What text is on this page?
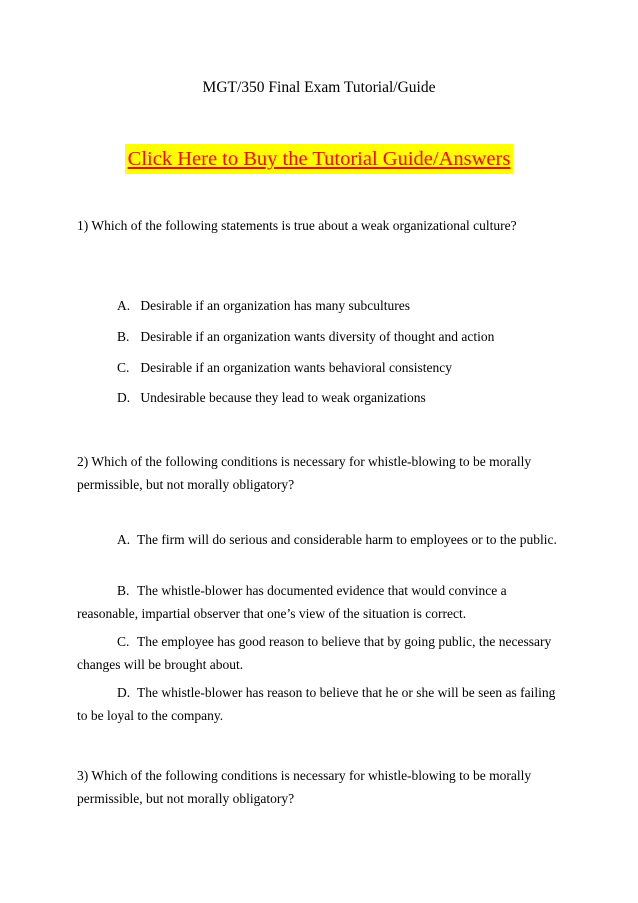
MGT/350 Final Exam Tutorial/Guide
Click Here to Buy the Tutorial Guide/Answers

1) Which of the following statements is true about a weak organizational culture?

A. Desirable if an organization has many subcultures
B. Desirable if an organization wants diversity of thought and action
C. Desirable if an organization wants behavioral consistency
D. Undesirable because they lead to weak organizations

2) Which of the following conditions is necessary for whistle-blowing to be morally permissible, but not morally obligatory?

A. The firm will do serious and considerable harm to employees or to the public.

B. The whistle-blower has documented evidence that would convince a reasonable, impartial observer that one’s view of the situation is correct.

C. The employee has good reason to believe that by going public, the necessary changes will be brought about.

D. The whistle-blower has reason to believe that he or she will be seen as failing to be loyal to the company.

3) Which of the following conditions is necessary for whistle-blowing to be morally permissible, but not morally obligatory?
